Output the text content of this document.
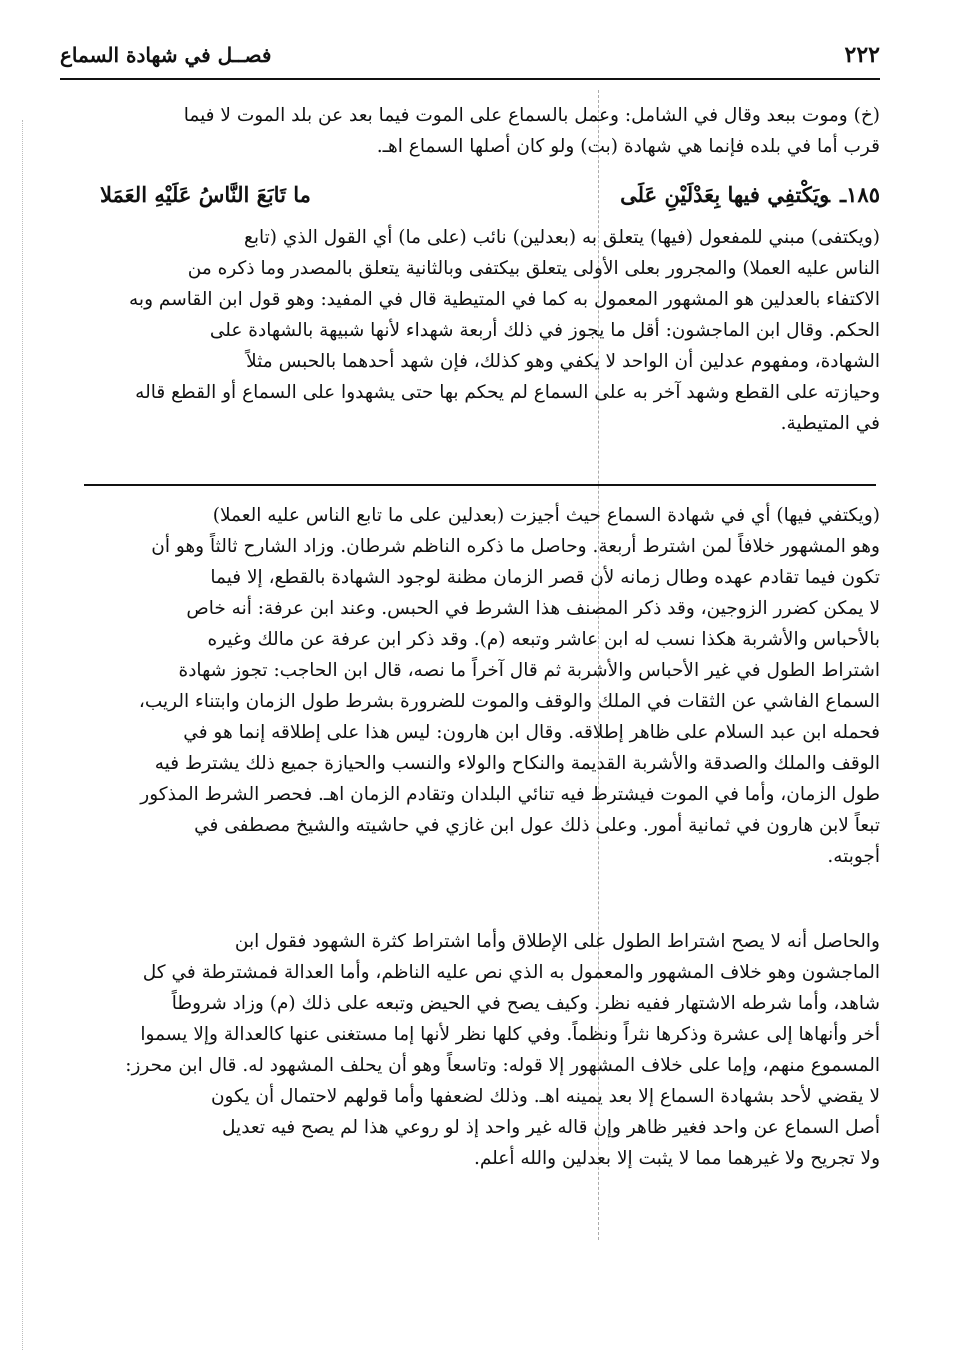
٢٢٢
فصــل في شهادة السماع
(خ) وموت ببعد وقال في الشامل: وعمل بالسماع على الموت فيما بعد عن بلد الموت لا فيما
قرب أما في بلده فإنما هي شهادة (بت) ولو كان أصلها السماع اهـ.
١٨٥ـويَكْتفِي فيها بِعَدْلَيْنِ عَلَى
ما تَابَعَ النَّاسُ عَلَيْهِ العَمَلا
(ويكتفى) مبني للمفعول (فيها) يتعلق به (بعدلين) نائب (على ما) أي القول الذي (تابع
الناس عليه العملا) والمجرور بعلى الأولى يتعلق بيكتفى وبالثانية يتعلق بالمصدر وما ذكره من
الاكتفاء بالعدلين هو المشهور المعمول به كما في المتيطية قال في المفيد: وهو قول ابن القاسم وبه
الحكم. وقال ابن الماجشون: أقل ما يجوز في ذلك أربعة شهداء لأنها شبيهة بالشهادة على
الشهادة، ومفهوم عدلين أن الواحد لا يكفي وهو كذلك، فإن شهد أحدهما بالحبس مثلاً
وحيازته على القطع وشهد آخر به على السماع لم يحكم بها حتى يشهدوا على السماع أو القطع قاله
في المتيطية.
(ويكتفي فيها) أي في شهادة السماع حيث أجيزت (بعدلين على ما تابع الناس عليه العملا)
وهو المشهور خلافاً لمن اشترط أربعة. وحاصل ما ذكره الناظم شرطان. وزاد الشارح ثالثاً وهو أن
تكون فيما تقادم عهده وطال زمانه لأن قصر الزمان مظنة لوجود الشهادة بالقطع، إلا فيما
لا يمكن كضرر الزوجين، وقد ذكر المصنف هذا الشرط في الحبس. وعند ابن عرفة: أنه خاص
بالأحباس والأشربة هكذا نسب له ابن عاشر وتبعه (م). وقد ذكر ابن عرفة عن مالك وغيره
اشتراط الطول في غير الأحباس والأشربة ثم قال آخراً ما نصه، قال ابن الحاجب: تجوز شهادة
السماع الفاشي عن الثقات في الملك والوقف والموت للضرورة بشرط طول الزمان وابتناء الريب،
فحمله ابن عبد السلام على ظاهر إطلاقه. وقال ابن هارون: ليس هذا على إطلاقه إنما هو في
الوقف والملك والصدقة والأشربة القديمة والنكاح والولاء والنسب والحيازة جميع ذلك يشترط فيه
طول الزمان، وأما في الموت فيشترط فيه تنائي البلدان وتقادم الزمان اهـ. فحصر الشرط المذكور
تبعاً لابن هارون في ثمانية أمور. وعلى ذلك عول ابن غازي في حاشيته والشيخ مصطفى في
أجوبته.
والحاصل أنه لا يصح اشتراط الطول على الإطلاق وأما اشتراط كثرة الشهود فقول ابن
الماجشون وهو خلاف المشهور والمعمول به الذي نص عليه الناظم، وأما العدالة فمشترطة في كل
شاهد، وأما شرطه الاشتهار ففيه نظر. وكيف يصح في الحيض وتبعه على ذلك (م) وزاد شروطاً
أخر وأنهاها إلى عشرة وذكرها نثراً ونظماً. وفي كلها نظر لأنها إما مستغنى عنها كالعدالة وإلا يسموا
المسموع منهم، وإما على خلاف المشهور إلا قوله: وتاسعاً وهو أن يحلف المشهود له. قال ابن محرز:
لا يقضي لأحد بشهادة السماع إلا بعد يمينه اهـ. وذلك لضعفها وأما قولهم لاحتمال أن يكون
أصل السماع عن واحد فغير ظاهر وإن قاله غير واحد إذ لو روعي هذا لم يصح فيه تعديل
ولا تجريح ولا غيرهما مما لا يثبت إلا بعدلين والله أعلم.
